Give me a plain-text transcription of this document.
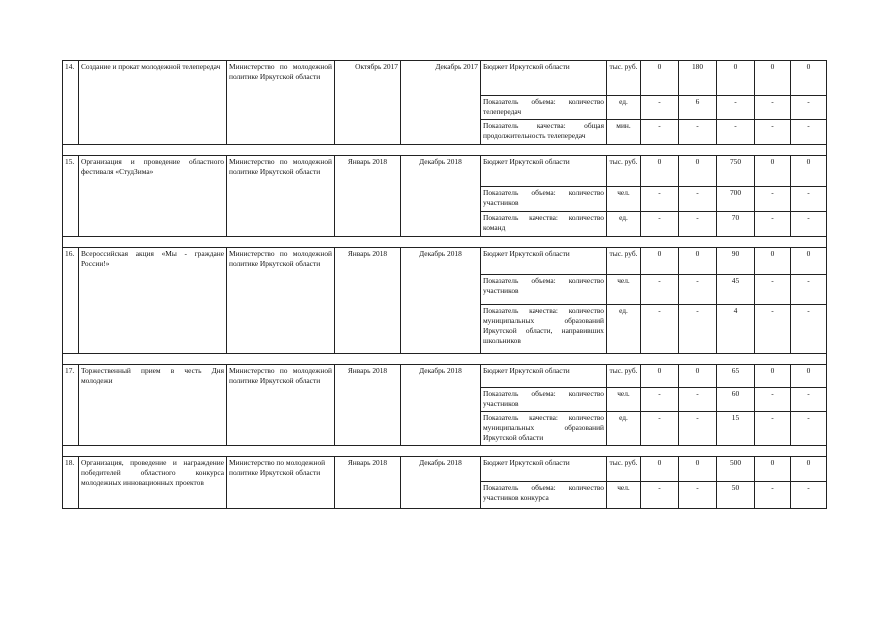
14.	Создание и прокат молодежной телепередач	Министерство по молодежной политике Иркутской области	Октябрь 2017	Декабрь 2017	Бюджет Иркутской области	тыс. руб.	0	180	0	0	0
					Показатель объема: количество телепередач	ед.	-	6	-	-	-
					Показатель качества: общая продолжительность телепередач	мин.	-	-	-	-	-

15.	Организация и проведение областного фестиваля «СтудЗима»	Министерство по молодежной политике Иркутской области	Январь 2018	Декабрь 2018	Бюджет Иркутской области	тыс. руб.	0	0	750	0	0
					Показатель объема: количество участников	чел.	-	-	700	-	-
					Показатель качества: количество команд	ед.	-	-	70	-	-

16.	Всероссийская акция «Мы - граждане России!»	Министерство по молодежной политике Иркутской области	Январь 2018	Декабрь 2018	Бюджет Иркутской области	тыс. руб.	0	0	90	0	0
					Показатель объема: количество участников	чел.	-	-	45	-	-
					Показатель качества: количество муниципальных образований Иркутской области, направивших школьников	ед.	-	-	4	-	-

17.	Торжественный прием в честь Дня молодежи	Министерство по молодежной политике Иркутской области	Январь 2018	Декабрь 2018	Бюджет Иркутской области	тыс. руб.	0	0	65	0	0
					Показатель объема: количество участников	чел.	-	-	60	-	-
					Показатель качества: количество муниципальных образований Иркутской области	ед.	-	-	15	-	-

18.	Организация, проведение и награждение победителей областного конкурса молодежных инновационных проектов	Министерство по молодежной политике Иркутской области	Январь 2018	Декабрь 2018	Бюджет Иркутской области	тыс. руб.	0	0	500	0	0
					Показатель объема: количество участников конкурса	чел.	-	-	50	-	-
